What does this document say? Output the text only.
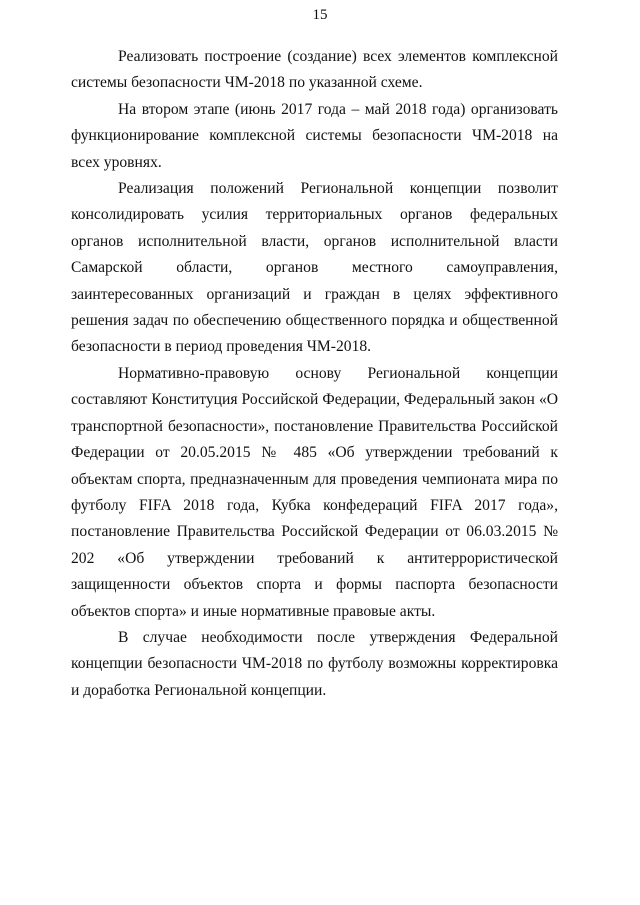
15

Реализовать построение (создание) всех элементов комплексной системы безопасности ЧМ-2018 по указанной схеме.

На втором этапе (июнь 2017 года – май 2018 года) организовать функционирование комплексной системы безопасности ЧМ-2018 на всех уровнях.

Реализация положений Региональной концепции позволит консолидировать усилия территориальных органов федеральных органов исполнительной власти, органов исполнительной власти Самарской области, органов местного самоуправления, заинтересованных организаций и граждан в целях эффективного решения задач по обеспечению общественного порядка и общественной безопасности в период проведения ЧМ-2018.

Нормативно-правовую основу Региональной концепции составляют Конституция Российской Федерации, Федеральный закон «О транспортной безопасности», постановление Правительства Российской Федерации от 20.05.2015 № 485 «Об утверждении требований к объектам спорта, предназначенным для проведения чемпионата мира по футболу FIFA 2018 года, Кубка конфедераций FIFA 2017 года», постановление Правительства Российской Федерации от 06.03.2015 № 202 «Об утверждении требований к антитеррористической защищенности объектов спорта и формы паспорта безопасности объектов спорта» и иные нормативные правовые акты.

В случае необходимости после утверждения Федеральной концепции безопасности ЧМ-2018 по футболу возможны корректировка и доработка Региональной концепции.
